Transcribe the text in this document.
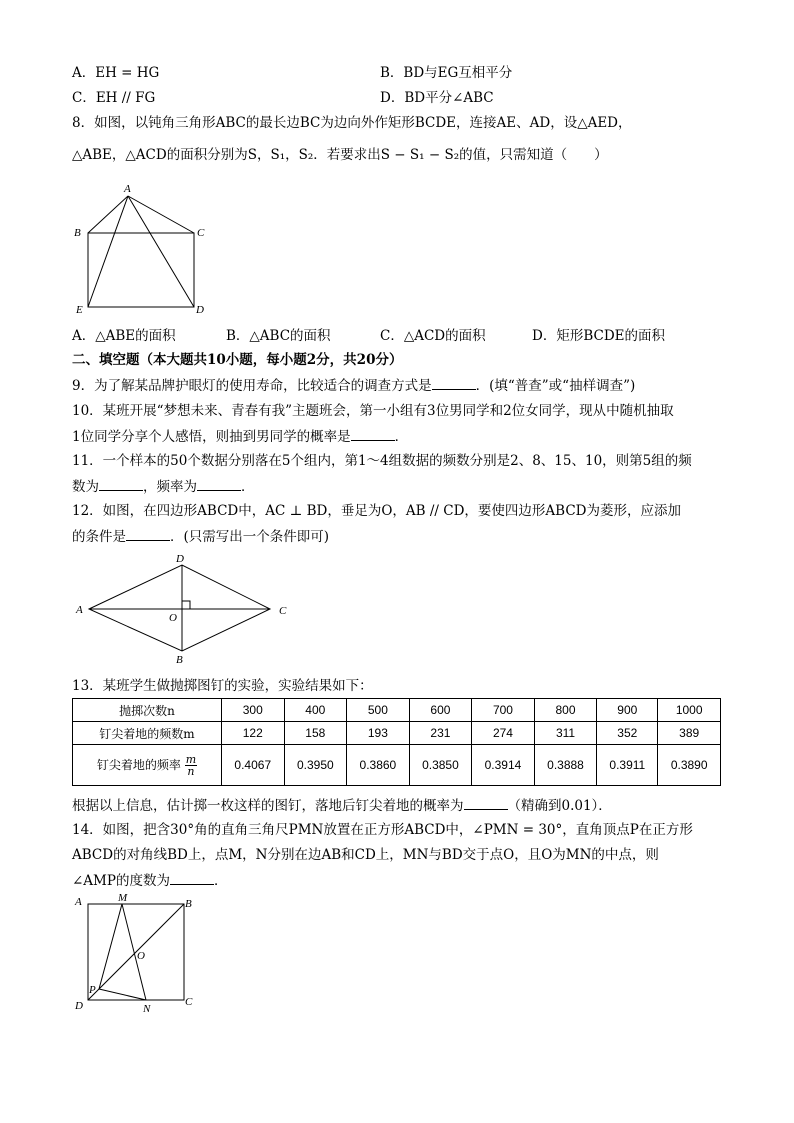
A．EH = HG	B．BD与EG互相平分
C．EH // FG	D．BD平分∠ABC
8．如图，以钝角三角形ABC的最长边BC为边向外作矩形BCDE，连接AE、AD，设△AED，
△ABE，△ACD的面积分别为S，S₁，S₂．若要求出S − S₁ − S₂的值，只需知道（　　）
A
B	C
D
E
A．△ABE的面积	B．△ABC的面积	C．△ACD的面积	D．矩形BCDE的面积
二、填空题（本大题共10小题，每小题2分，共20分）
9．为了解某品牌护眼灯的使用寿命，比较适合的调查方式是	．(填“普查”或“抽样调查”)
10．某班开展“梦想未来、青春有我”主题班会，第一小组有3位男同学和2位女同学，现从中随机抽取
1位同学分享个人感悟，则抽到男同学的概率是	．
11．一个样本的50个数据分别落在5个组内，第1～4组数据的频数分别是2、8、15、10，则第5组的频
数为	，频率为	．
12．如图，在四边形ABCD中，AC ⊥ BD，垂足为O，AB // CD，要使四边形ABCD为菱形，应添加
的条件是	．(只需写出一个条件即可)
A
D
C
B
O
13．某班学生做抛掷图钉的实验，实验结果如下：
抛掷次数n	300	400	500	600	700	800	900	1000
钉尖着地的频数m	122	158	193	231	274	311	352	389
钉尖着地的频率 $\frac{m}{n}$	0.4067	0.3950	0.3860	0.3850	0.3914	0.3888	0.3911	0.3890
根据以上信息，估计掷一枚这样的图钉，落地后钉尖着地的概率为	（精确到0.01）．
14．如图，把含30°角的直角三角尺PMN放置在正方形ABCD中，∠PMN = 30°，直角顶点P在正方形
ABCD的对角线BD上，点M，N分别在边AB和CD上，MN与BD交于点O，且O为MN的中点，则
∠AMP的度数为	．
A	M	B
O
P
D	N
C
